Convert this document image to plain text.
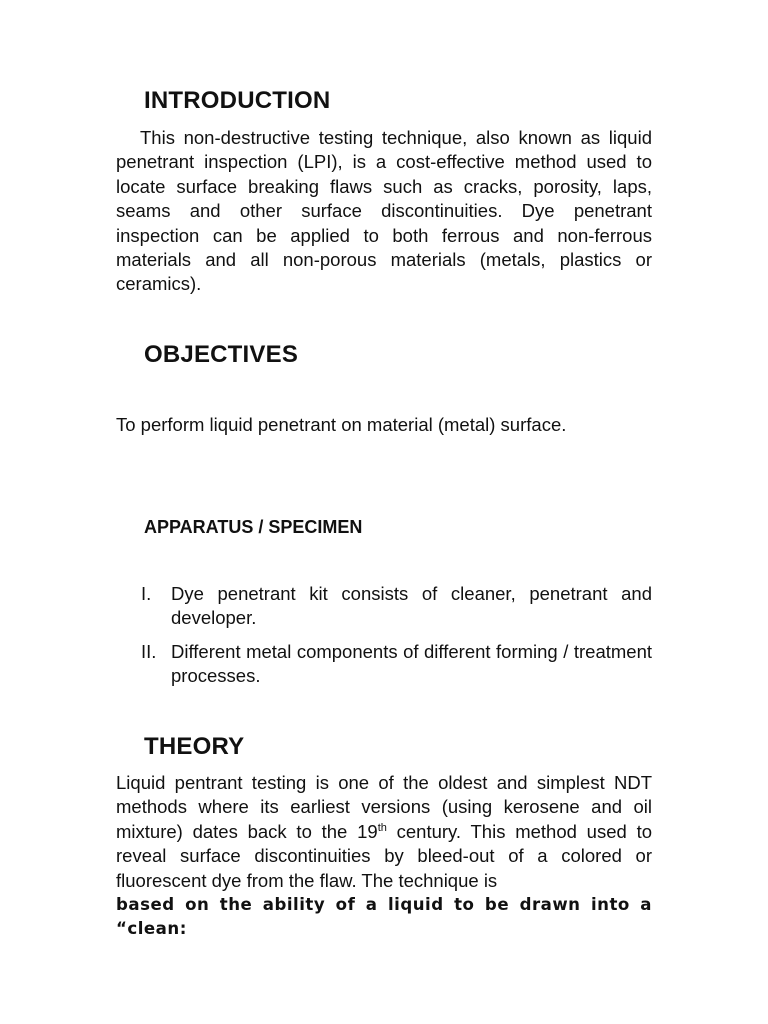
INTRODUCTION

This non-destructive testing technique, also known as liquid penetrant inspection (LPI), is a cost-effective method used to locate surface breaking flaws such as cracks, porosity, laps, seams and other surface discontinuities. Dye penetrant inspection can be applied to both ferrous and non-ferrous materials and all non-porous materials (metals, plastics or ceramics).

OBJECTIVES

To perform liquid penetrant on material (metal) surface.

APPARATUS / SPECIMEN
I. Dye penetrant kit consists of cleaner, penetrant and developer.
II. Different metal components of different forming / treatment processes.
THEORY

Liquid pentrant testing is one of the oldest and simplest NDT methods where its earliest versions (using kerosene and oil mixture) dates back to the 19th century. This method used to reveal surface discontinuities by bleed-out of a colored or fluorescent dye from the flaw. The technique is
based on the ability of a liquid to be drawn into a “clean:
